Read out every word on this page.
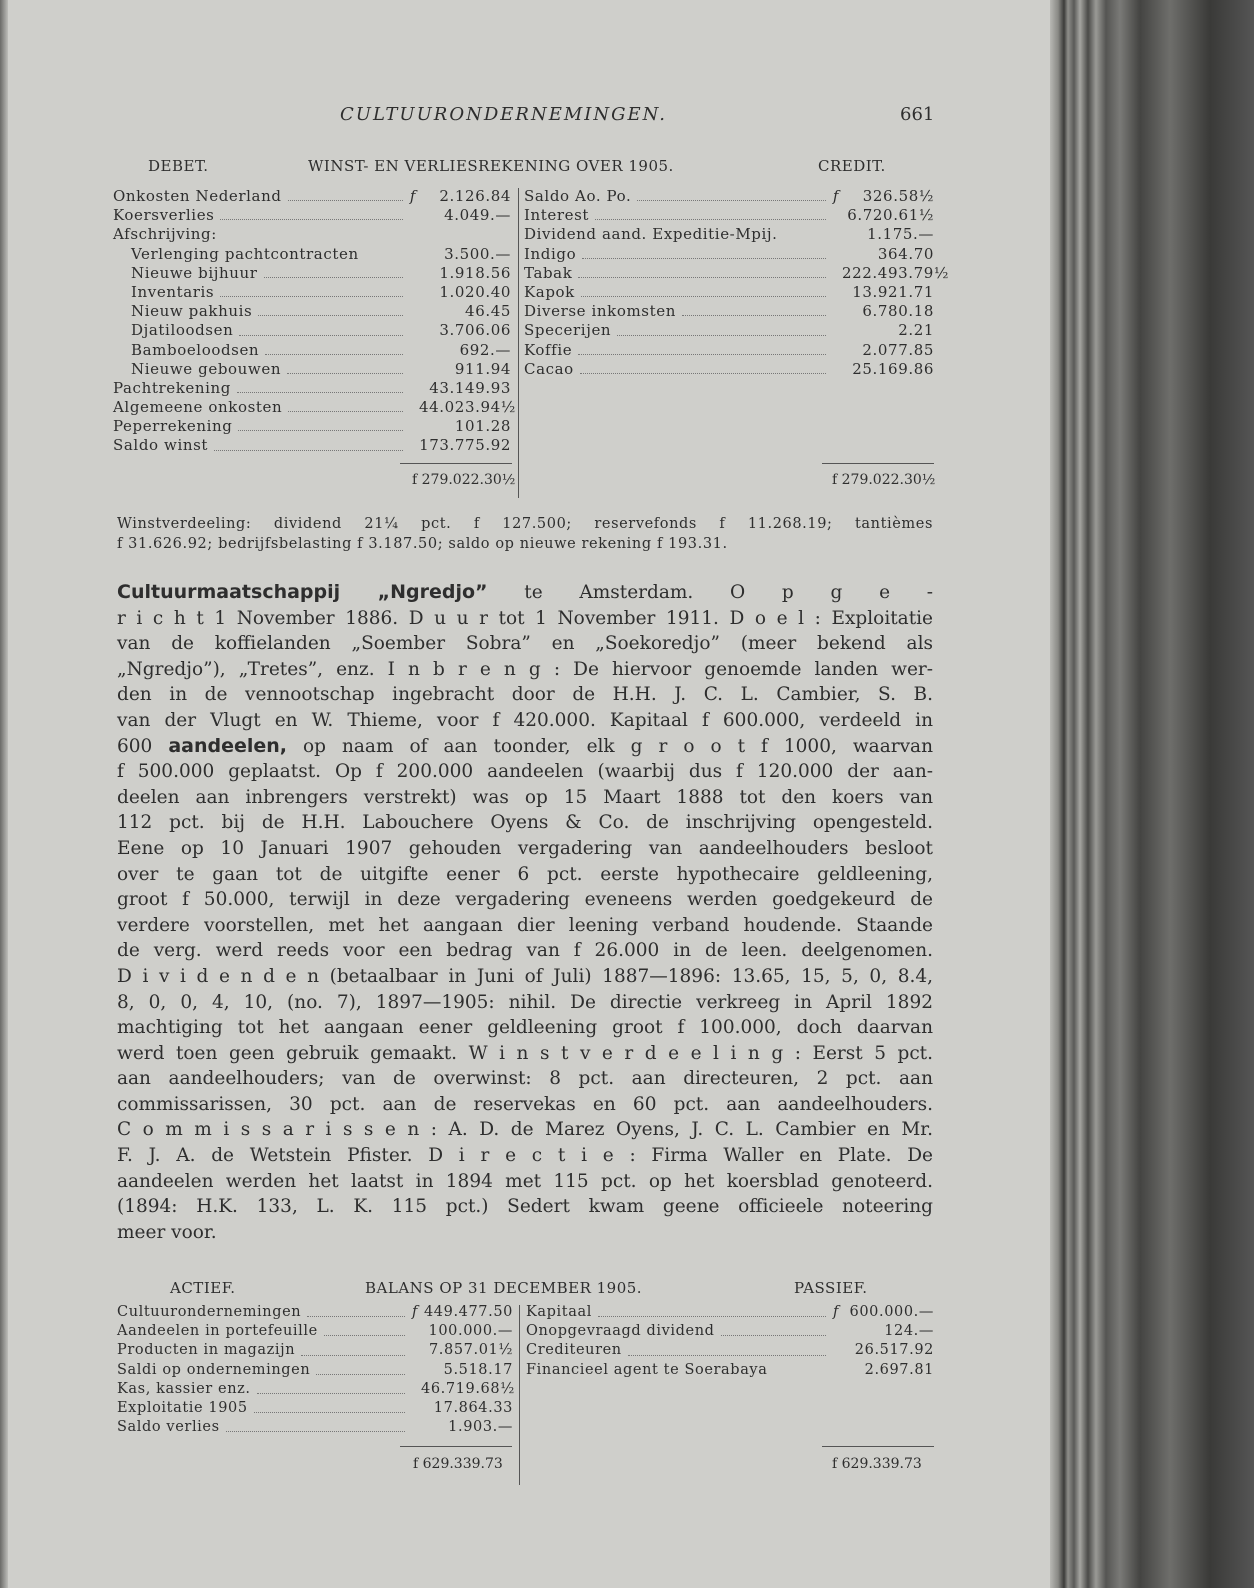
CULTUURONDERNEMINGEN.	661
DEBET.	WINST- EN VERLIESREKENING OVER 1905.	CREDIT.
Onkosten Nederland	f	2.126.84
Koersverlies	4.049.—
Afschrijving:
Verlenging pachtcontracten	3.500.—
Nieuwe bijhuur	1.918.56
Inventaris	1.020.40
Nieuw pakhuis	46.45
Djatiloodsen	3.706.06
Bamboeloodsen	692.—
Nieuwe gebouwen	911.94
Pachtrekening	43.149.93
Algemeene onkosten	44.023.94½
Peperrekening	101.28
Saldo winst	173.775.92
Saldo Ao. Po.	f	326.58½
Interest	6.720.61½
Dividend aand. Expeditie-Mpij.	1.175.—
Indigo	364.70
Tabak	222.493.79½
Kapok	13.921.71
Diverse inkomsten	6.780.18
Specerijen	2.21
Koffie	2.077.85
Cacao	25.169.86
f 279.022.30½	f 279.022.30½
Winstverdeeling: dividend 21¼ pct. f 127.500; reservefonds f 11.268.19; tantièmes
f 31.626.92; bedrijfsbelasting f 3.187.50; saldo op nieuwe rekening f 193.31.
Cultuurmaatschappij „Ngredjo” te Amsterdam. O p g e -
r i c h t 1 November 1886. D u u r tot 1 November 1911. D o e l : Exploitatie
van de koffielanden „Soember Sobra” en „Soekoredjo” (meer bekend als
„Ngredjo”), „Tretes”, enz. I n b r e n g : De hiervoor genoemde landen wer-
den in de vennootschap ingebracht door de H.H. J. C. L. Cambier, S. B.
van der Vlugt en W. Thieme, voor f 420.000. Kapitaal f 600.000, verdeeld in
600 aandeelen, op naam of aan toonder, elk g r o o t f 1000, waarvan
f 500.000 geplaatst. Op f 200.000 aandeelen (waarbij dus f 120.000 der aan-
deelen aan inbrengers verstrekt) was op 15 Maart 1888 tot den koers van
112 pct. bij de H.H. Labouchere Oyens & Co. de inschrijving opengesteld.
Eene op 10 Januari 1907 gehouden vergadering van aandeelhouders besloot
over te gaan tot de uitgifte eener 6 pct. eerste hypothecaire geldleening,
groot f 50.000, terwijl in deze vergadering eveneens werden goedgekeurd de
verdere voorstellen, met het aangaan dier leening verband houdende. Staande
de verg. werd reeds voor een bedrag van f 26.000 in de leen. deelgenomen.
D i v i d e n d e n (betaalbaar in Juni of Juli) 1887—1896: 13.65, 15, 5, 0, 8.4,
8, 0, 0, 4, 10, (no. 7), 1897—1905: nihil. De directie verkreeg in April 1892
machtiging tot het aangaan eener geldleening groot f 100.000, doch daarvan
werd toen geen gebruik gemaakt. W i n s t v e r d e e l i n g : Eerst 5 pct.
aan aandeelhouders; van de overwinst: 8 pct. aan directeuren, 2 pct. aan
commissarissen, 30 pct. aan de reservekas en 60 pct. aan aandeelhouders.
C o m m i s s a r i s s e n : A. D. de Marez Oyens, J. C. L. Cambier en Mr.
F. J. A. de Wetstein Pfister. D i r e c t i e : Firma Waller en Plate. De
aandeelen werden het laatst in 1894 met 115 pct. op het koersblad genoteerd.
(1894: H.K. 133, L. K. 115 pct.) Sedert kwam geene officieele noteering
meer voor.
ACTIEF.	BALANS OP 31 DECEMBER 1905.	PASSIEF.
Cultuurondernemingen	f 449.477.50
Aandeelen in portefeuille	100.000.—
Producten in magazijn	7.857.01½
Saldi op ondernemingen	5.518.17
Kas, kassier enz.	46.719.68½
Exploitatie 1905	17.864.33
Saldo verlies	1.903.—
Kapitaal	f 600.000.—
Onopgevraagd dividend	124.—
Crediteuren	26.517.92
Financieel agent te Soerabaya	2.697.81
f 629.339.73	f 629.339.73
